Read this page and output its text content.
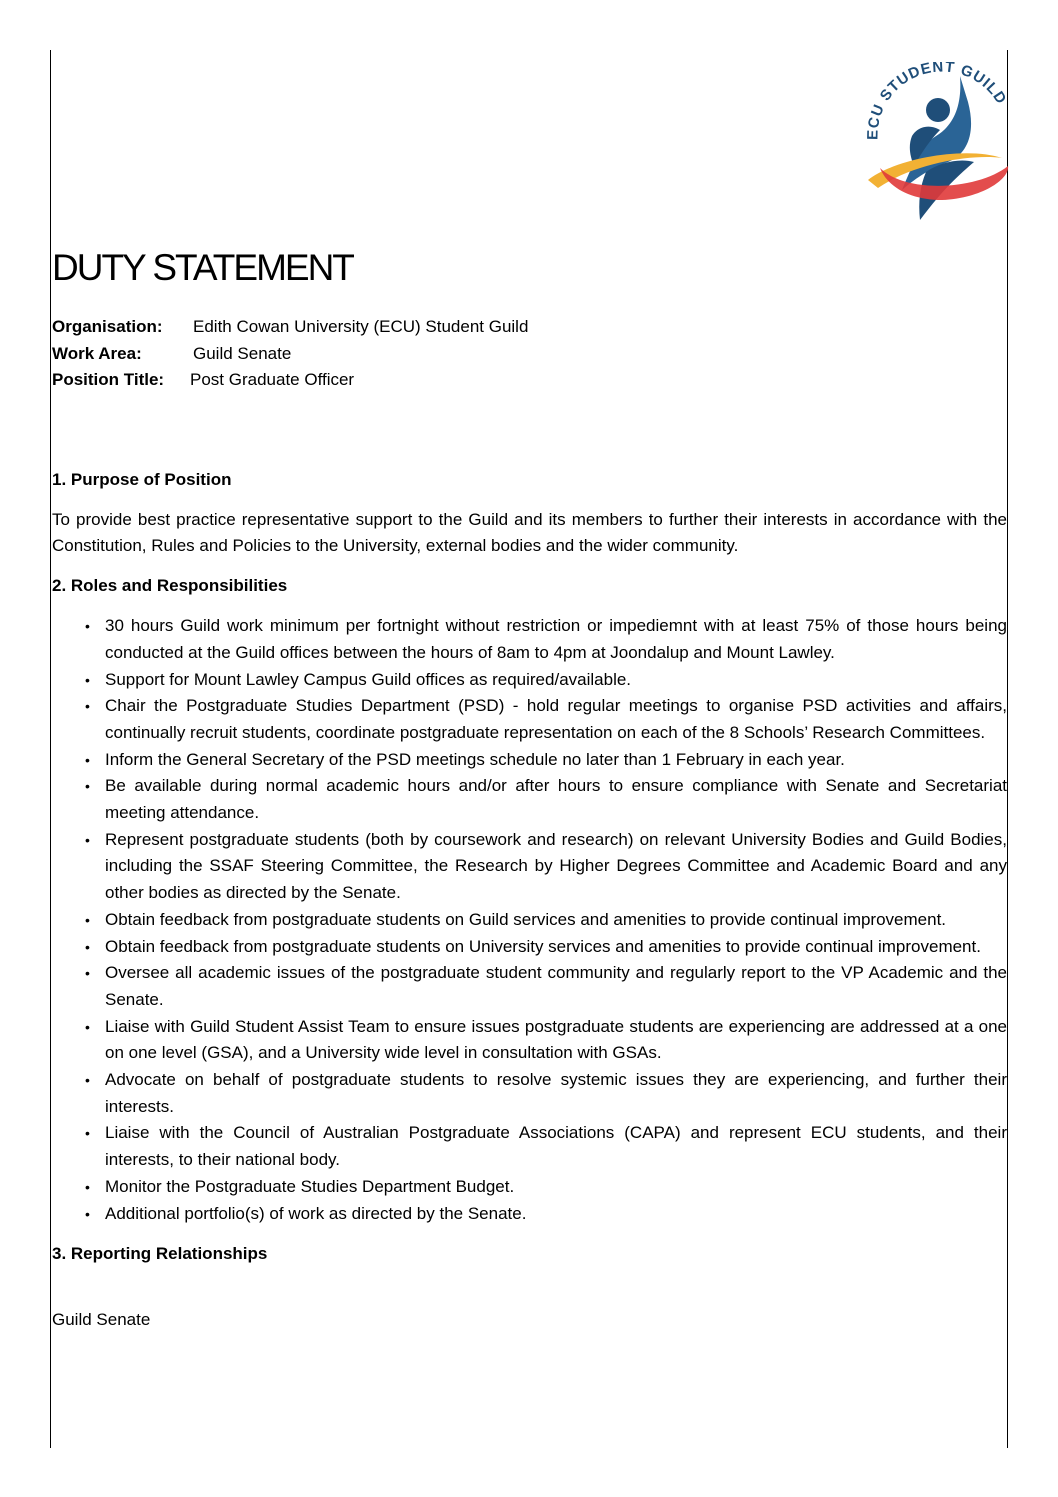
ECU STUDENT GUILD
DUTY STATEMENT
Organisation:	Edith Cowan University (ECU) Student Guild
Work Area:	Guild Senate
Position Title:	Post Graduate Officer
1. Purpose of Position

To provide best practice representative support to the Guild and its members to further their interests in accordance with the Constitution, Rules and Policies to the University, external bodies and the wider community.

2. Roles and Responsibilities
• 30 hours Guild work minimum per fortnight without restriction or impediemnt with at least 75% of those hours being conducted at the Guild offices between the hours of 8am to 4pm at Joondalup and Mount Lawley.
• Support for Mount Lawley Campus Guild offices as required/available.
• Chair the Postgraduate Studies Department (PSD) - hold regular meetings to organise PSD activities and affairs, continually recruit students, coordinate postgraduate representation on each of the 8 Schools’ Research Committees.
• Inform the General Secretary of the PSD meetings schedule no later than 1 February in each year.
• Be available during normal academic hours and/or after hours to ensure compliance with Senate and Secretariat meeting attendance.
• Represent postgraduate students (both by coursework and research) on relevant University Bodies and Guild Bodies, including the SSAF Steering Committee, the Research by Higher Degrees Committee and Academic Board and any other bodies as directed by the Senate.
• Obtain feedback from postgraduate students on Guild services and amenities to provide continual improvement.
• Obtain feedback from postgraduate students on University services and amenities to provide continual improvement.
• Oversee all academic issues of the postgraduate student community and regularly report to the VP Academic and the Senate.
• Liaise with Guild Student Assist Team to ensure issues postgraduate students are experiencing are addressed at a one on one level (GSA), and a University wide level in consultation with GSAs.
• Advocate on behalf of postgraduate students to resolve systemic issues they are experiencing, and further their interests.
• Liaise with the Council of Australian Postgraduate Associations (CAPA) and represent ECU students, and their interests, to their national body.
• Monitor the Postgraduate Studies Department Budget.
• Additional portfolio(s) of work as directed by the Senate.
3. Reporting Relationships
Guild Senate
